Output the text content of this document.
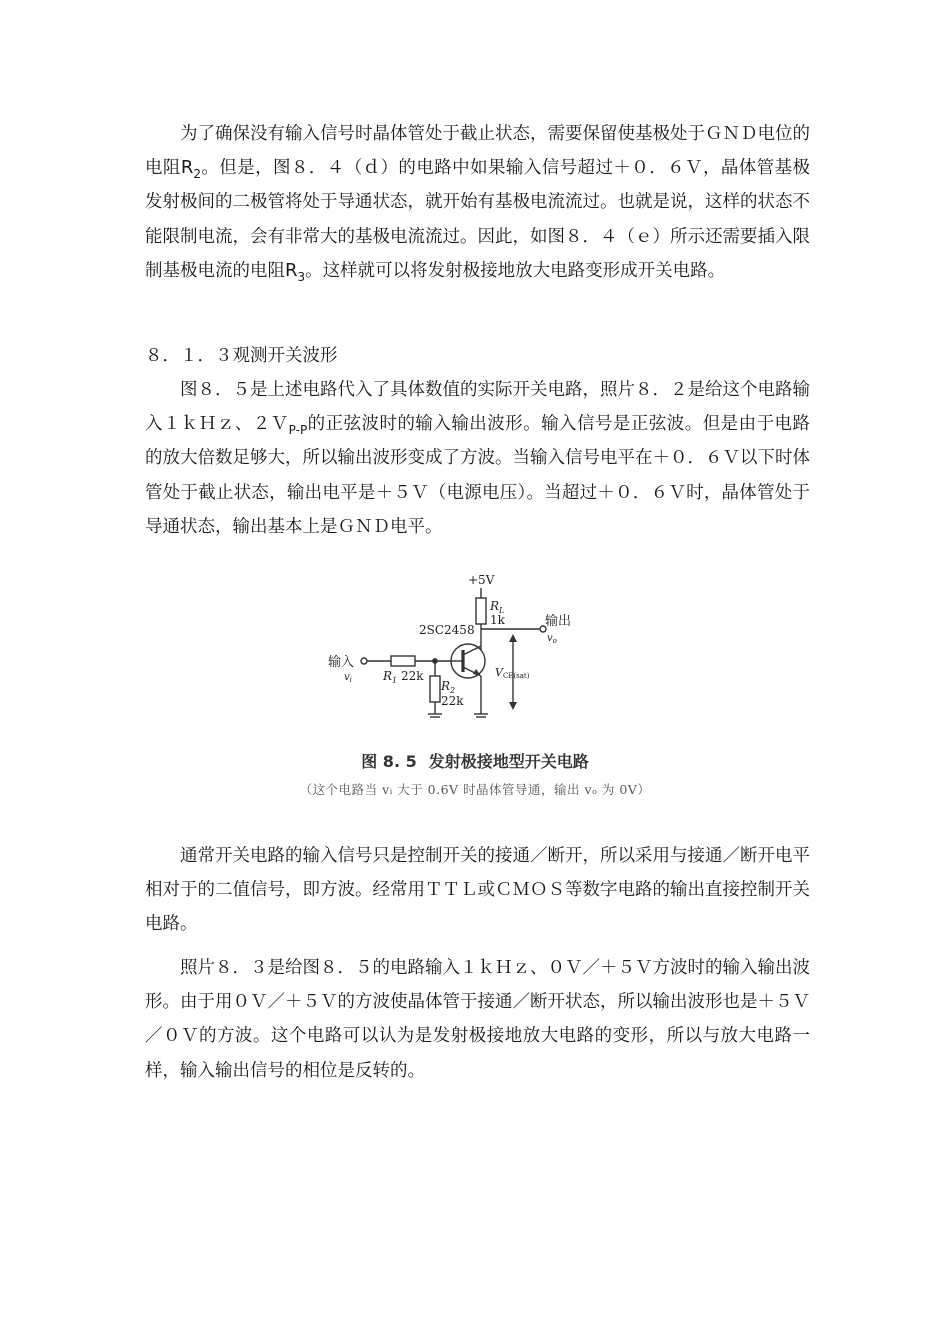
为了确保没有输入信号时晶体管处于截止状态，需要保留使基极处于ＧＮＤ电位的电阻$R_2$。但是，图８．４（ｄ）的电路中如果输入信号超过＋０．６Ｖ，晶体管基极发射极间的二极管将处于导通状态，就开始有基极电流流过。也就是说，这样的状态不能限制电流，会有非常大的基极电流流过。因此，如图８．４（ｅ）所示还需要插入限制基极电流的电阻$R_3$。这样就可以将发射极接地放大电路变形成开关电路。

８．１．３观测开关波形

图８．５是上述电路代入了具体数值的实际开关电路，照片８．２是给这个电路输入１ｋＨｚ、２Ｖ$_{P-P}$的正弦波时的输入输出波形。输入信号是正弦波。但是由于电路的放大倍数足够大，所以输出波形变成了方波。当输入信号电平在＋０．６Ｖ以下时体管处于截止状态，输出电平是＋５Ｖ（电源电压）。当超过＋０．６Ｖ时，晶体管处于导通状态，输出基本上是ＧＮＤ电平。

+5V
$R_L$
1k
2SC2458
输出
$v_o$
输入
$v_i$	$R_1$ 22k
$R_2$
22k
VCE(sat)
图 8. 5 发射极接地型开关电路
（这个电路当 vᵢ 大于 0.6V 时晶体管导通，输出 vₒ 为 0V）

通常开关电路的输入信号只是控制开关的接通／断开，所以采用与接通／断开电平相对于的二值信号，即方波。经常用ＴＴＬ或ＣＭＯＳ等数字电路的输出直接控制开关电路。

照片８．３是给图８．５的电路输入１ｋＨｚ、０Ｖ／＋５Ｖ方波时的输入输出波形。由于用０Ｖ／＋５Ｖ的方波使晶体管于接通／断开状态，所以输出波形也是＋５Ｖ／０Ｖ的方波。这个电路可以认为是发射极接地放大电路的变形，所以与放大电路一样，输入输出信号的相位是反转的。
